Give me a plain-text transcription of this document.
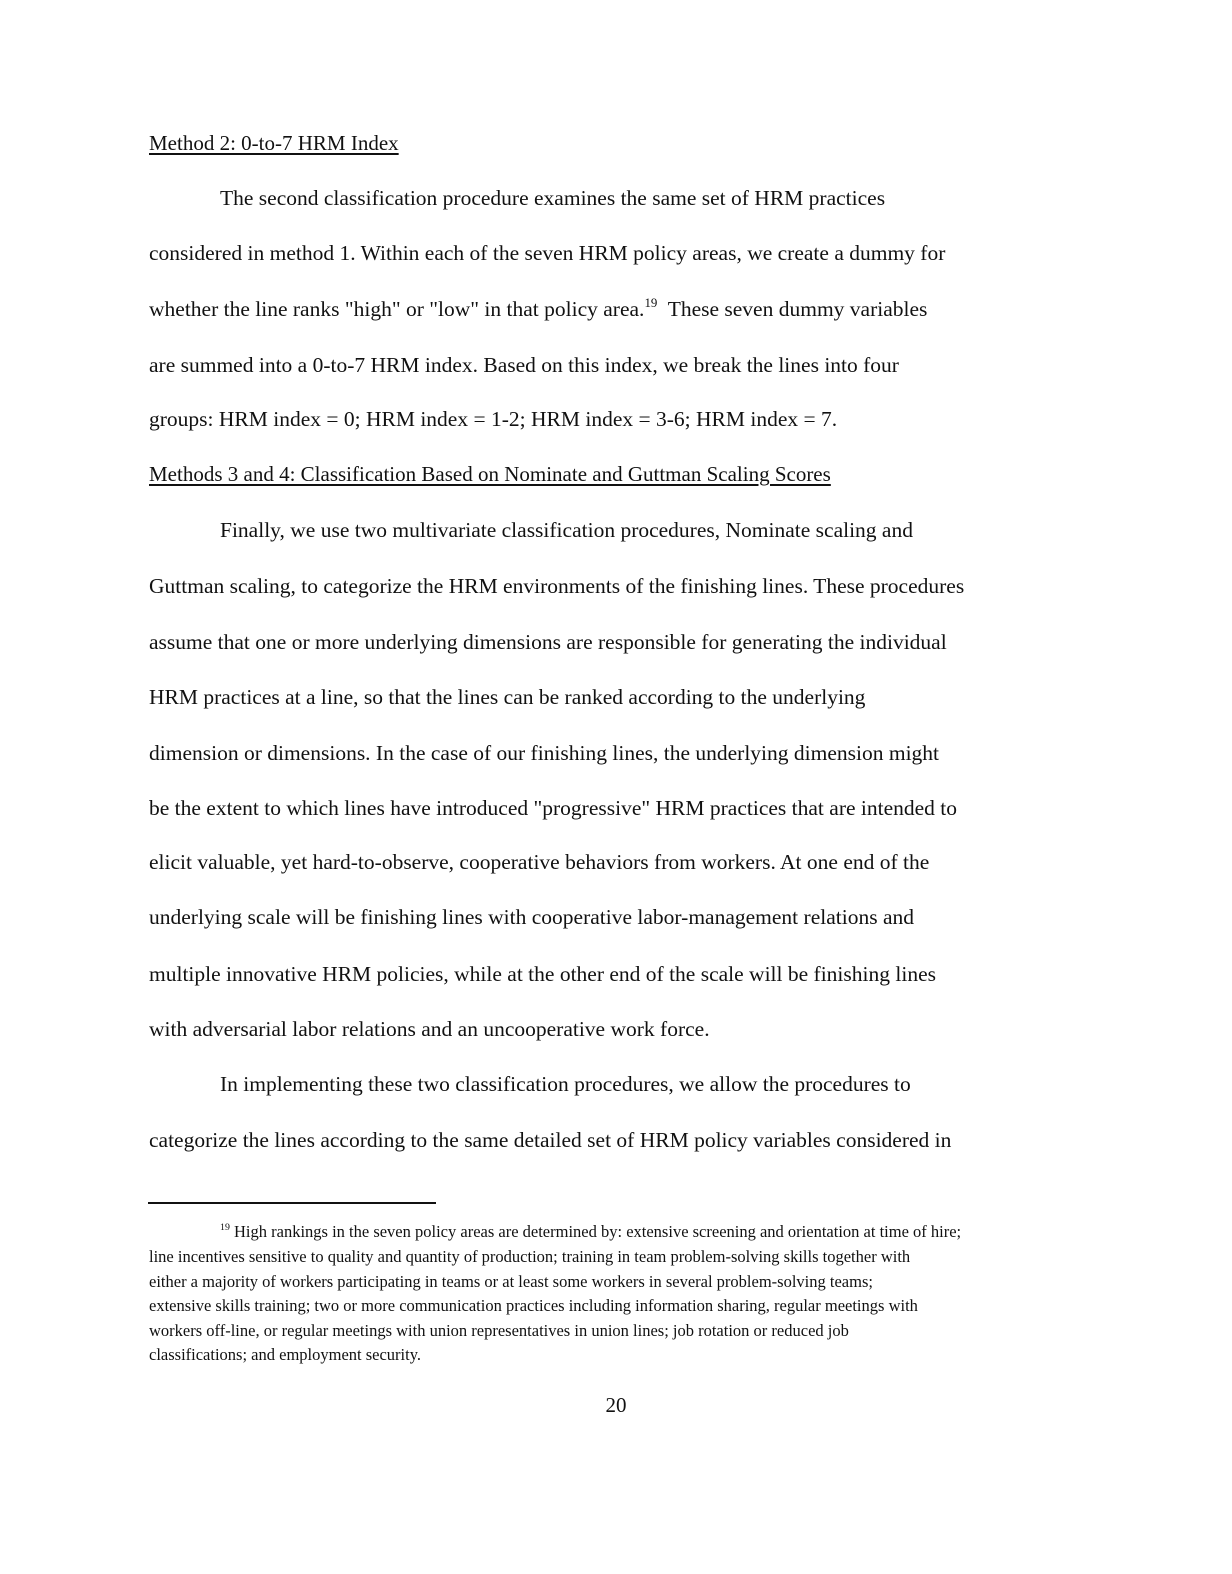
Method 2: 0-to-7 HRM Index
The second classification procedure examines the same set of HRM practices
considered in method 1. Within each of the seven HRM policy areas, we create a dummy for
whether the line ranks "high" or "low" in that policy area.$^{19}$  These seven dummy variables
are summed into a 0-to-7 HRM index. Based on this index, we break the lines into four
groups: HRM index = 0; HRM index = 1-2; HRM index = 3-6; HRM index = 7.
Methods 3 and 4: Classification Based on Nominate and Guttman Scaling Scores
Finally, we use two multivariate classification procedures, Nominate scaling and
Guttman scaling, to categorize the HRM environments of the finishing lines. These procedures
assume that one or more underlying dimensions are responsible for generating the individual
HRM practices at a line, so that the lines can be ranked according to the underlying
dimension or dimensions. In the case of our finishing lines, the underlying dimension might
be the extent to which lines have introduced "progressive" HRM practices that are intended to
elicit valuable, yet hard-to-observe, cooperative behaviors from workers. At one end of the
underlying scale will be finishing lines with cooperative labor-management relations and
multiple innovative HRM policies, while at the other end of the scale will be finishing lines
with adversarial labor relations and an uncooperative work force.
In implementing these two classification procedures, we allow the procedures to
categorize the lines according to the same detailed set of HRM policy variables considered in
$^{19}$ High rankings in the seven policy areas are determined by: extensive screening and orientation at time of hire;
line incentives sensitive to quality and quantity of production; training in team problem-solving skills together with
either a majority of workers participating in teams or at least some workers in several problem-solving teams;
extensive skills training; two or more communication practices including information sharing, regular meetings with
workers off-line, or regular meetings with union representatives in union lines; job rotation or reduced job
classifications; and employment security.
20
